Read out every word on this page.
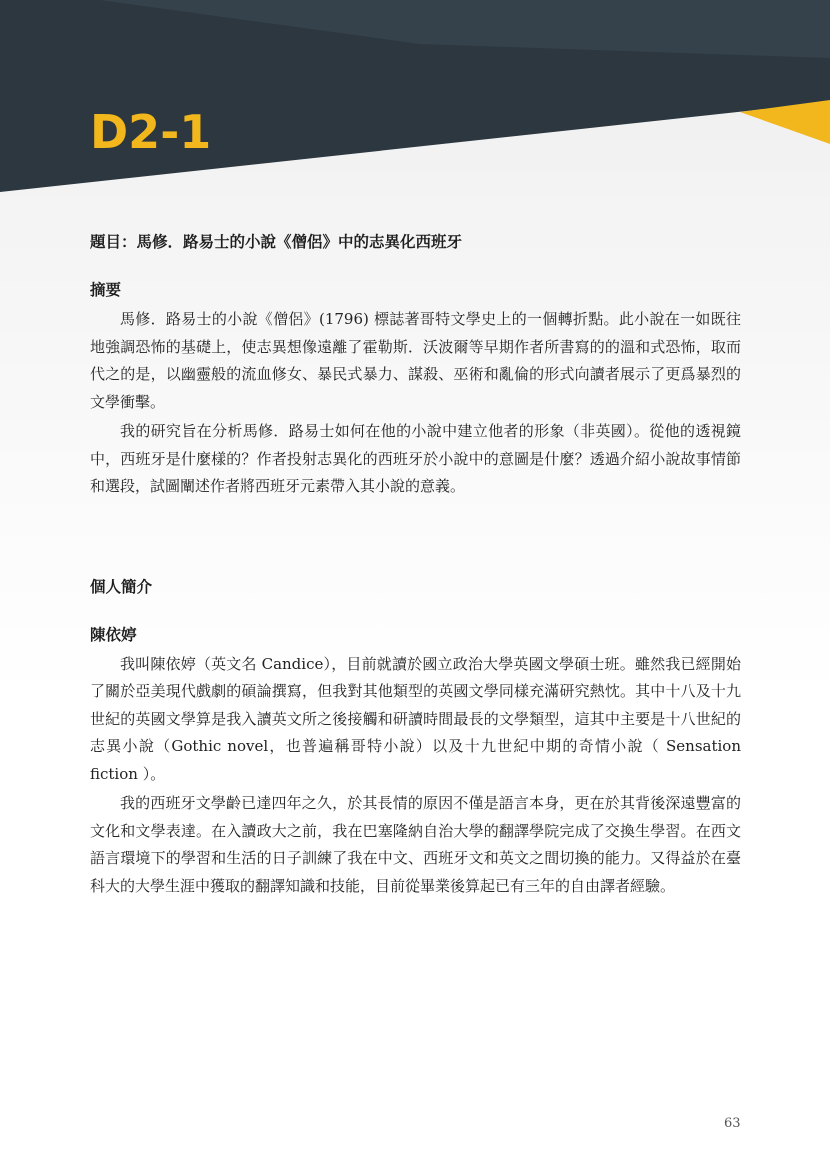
D2-1
題目：馬修．路易士的小說《僧侶》中的志異化西班牙
摘要

馬修．路易士的小說《僧侶》(1796) 標誌著哥特文學史上的一個轉折點。此小說在一如既往地強調恐怖的基礎上，使志異想像遠離了霍勒斯．沃波爾等早期作者所書寫的的溫和式恐怖，取而代之的是，以幽靈般的流血修女、暴民式暴力、謀殺、巫術和亂倫的形式向讀者展示了更爲暴烈的文學衝擊。

我的研究旨在分析馬修．路易士如何在他的小說中建立他者的形象（非英國）。從他的透視鏡中，西班牙是什麼樣的？作者投射志異化的西班牙於小說中的意圖是什麼？透過介紹小說故事情節和選段，試圖闡述作者將西班牙元素帶入其小說的意義。

個人簡介
陳依婷

我叫陳依婷（英文名 Candice），目前就讀於國立政治大學英國文學碩士班。雖然我已經開始了關於亞美現代戲劇的碩論撰寫，但我對其他類型的英國文學同樣充滿研究熱忱。其中十八及十九世紀的英國文學算是我入讀英文所之後接觸和研讀時間最長的文學類型，這其中主要是十八世紀的志異小說（Gothic novel，也普遍稱哥特小說）以及十九世紀中期的奇情小說（ Sensation fiction ）。

我的西班牙文學齡已達四年之久，於其長情的原因不僅是語言本身，更在於其背後深遠豐富的文化和文學表達。在入讀政大之前，我在巴塞隆納自治大學的翻譯學院完成了交換生學習。在西文語言環境下的學習和生活的日子訓練了我在中文、西班牙文和英文之間切換的能力。又得益於在臺科大的大學生涯中獲取的翻譯知識和技能，目前從畢業後算起已有三年的自由譯者經驗。

63
